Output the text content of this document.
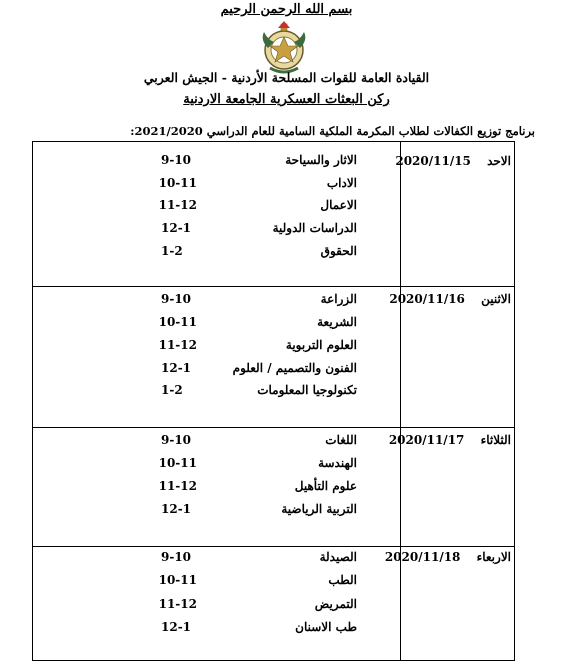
بسم الله الرحمن الرحيم
القيادة العامة للقوات المسلحة الأردنية - الجيش العربي
ركن البعثات العسكرية الجامعة الاردنية
برنامج توزيع الكفالات لطلاب المكرمة الملكية السامية للعام الدراسي 2021/2020:
الاحد 2020/11/15
الاثار والسياحة
9-10
الاداب
10-11
الاعمال
11-12
الدراسات الدولية
12-1
الحقوق
1-2
الاثنين 2020/11/16
الزراعة
9-10
الشريعة
10-11
العلوم التربوية
11-12
الفنون والتصميم / العلوم
12-1
تكنولوجيا المعلومات
1-2
الثلاثاء 2020/11/17
اللغات
9-10
الهندسة
10-11
علوم التأهيل
11-12
التربية الرياضية
12-1
الاربعاء 2020/11/18
الصيدلة
9-10
الطب
10-11
التمريض
11-12
طب الاسنان
12-1
